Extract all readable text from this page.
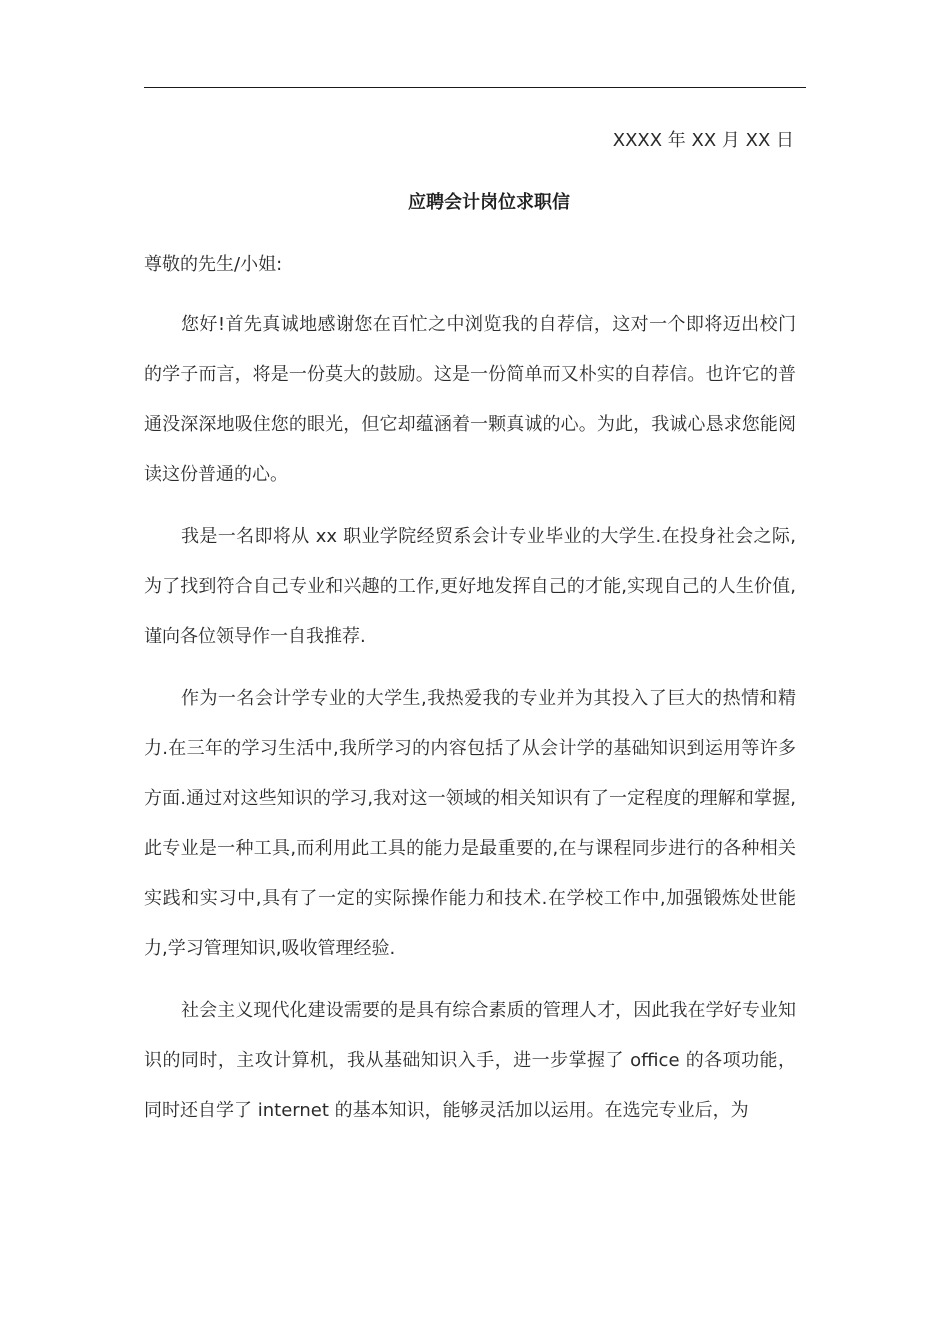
XXXX 年 XX 月 XX 日
应聘会计岗位求职信
尊敬的先生/小姐:

您好!首先真诚地感谢您在百忙之中浏览我的自荐信，这对一个即将迈出校门的学子而言，将是一份莫大的鼓励。这是一份简单而又朴实的自荐信。也许它的普通没深深地吸住您的眼光，但它却蕴涵着一颗真诚的心。为此，我诚心恳求您能阅读这份普通的心。

我是一名即将从 xx 职业学院经贸系会计专业毕业的大学生.在投身社会之际,为了找到符合自己专业和兴趣的工作,更好地发挥自己的才能,实现自己的人生价值,谨向各位领导作一自我推荐.

作为一名会计学专业的大学生,我热爱我的专业并为其投入了巨大的热情和精力.在三年的学习生活中,我所学习的内容包括了从会计学的基础知识到运用等许多方面.通过对这些知识的学习,我对这一领域的相关知识有了一定程度的理解和掌握,此专业是一种工具,而利用此工具的能力是最重要的,在与课程同步进行的各种相关实践和实习中,具有了一定的实际操作能力和技术.在学校工作中,加强锻炼处世能力,学习管理知识,吸收管理经验.

社会主义现代化建设需要的是具有综合素质的管理人才，因此我在学好专业知识的同时，主攻计算机，我从基础知识入手，进一步掌握了 office 的各项功能，同时还自学了 internet 的基本知识，能够灵活加以运用。在选完专业后，为
